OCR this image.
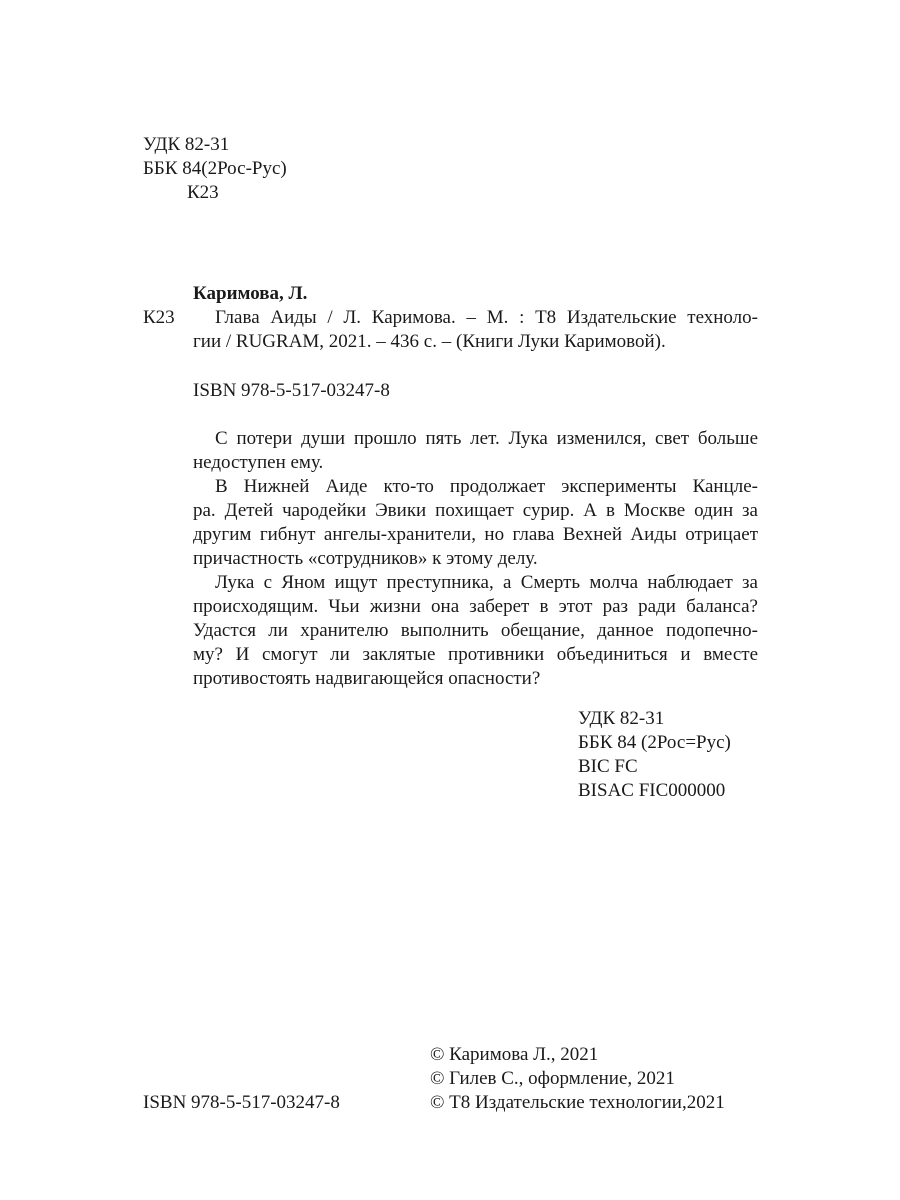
УДК 82-31
ББК 84(2Рос-Рус)
К23
Каримова, Л.
К23	Глава Аиды / Л. Каримова. – М. : Т8 Издательские техноло-
гии / RUGRAM, 2021. – 436 с. – (Книги Луки Каримовой).
ISBN 978-5-517-03247-8
С потери души прошло пять лет. Лука изменился, свет больше
недоступен ему.
В Нижней Аиде кто-то продолжает эксперименты Канцле-
ра. Детей чародейки Эвики похищает сурир. А в Москве один за
другим гибнут ангелы-хранители, но глава Вехней Аиды отрицает
причастность «сотрудников» к этому делу.
Лука с Яном ищут преступника, а Смерть молча наблюдает за
происходящим. Чьи жизни она заберет в этот раз ради баланса?
Удастся ли хранителю выполнить обещание, данное подопечно-
му? И смогут ли заклятые противники объединиться и вместе
противостоять надвигающейся опасности?
УДК 82-31
ББК 84 (2Рос=Рус)
BIC FC
BISAC FIC000000
© Каримова Л., 2021
© Гилев С., оформление, 2021
© Т8 Издательские технологии,2021
ISBN 978-5-517-03247-8
